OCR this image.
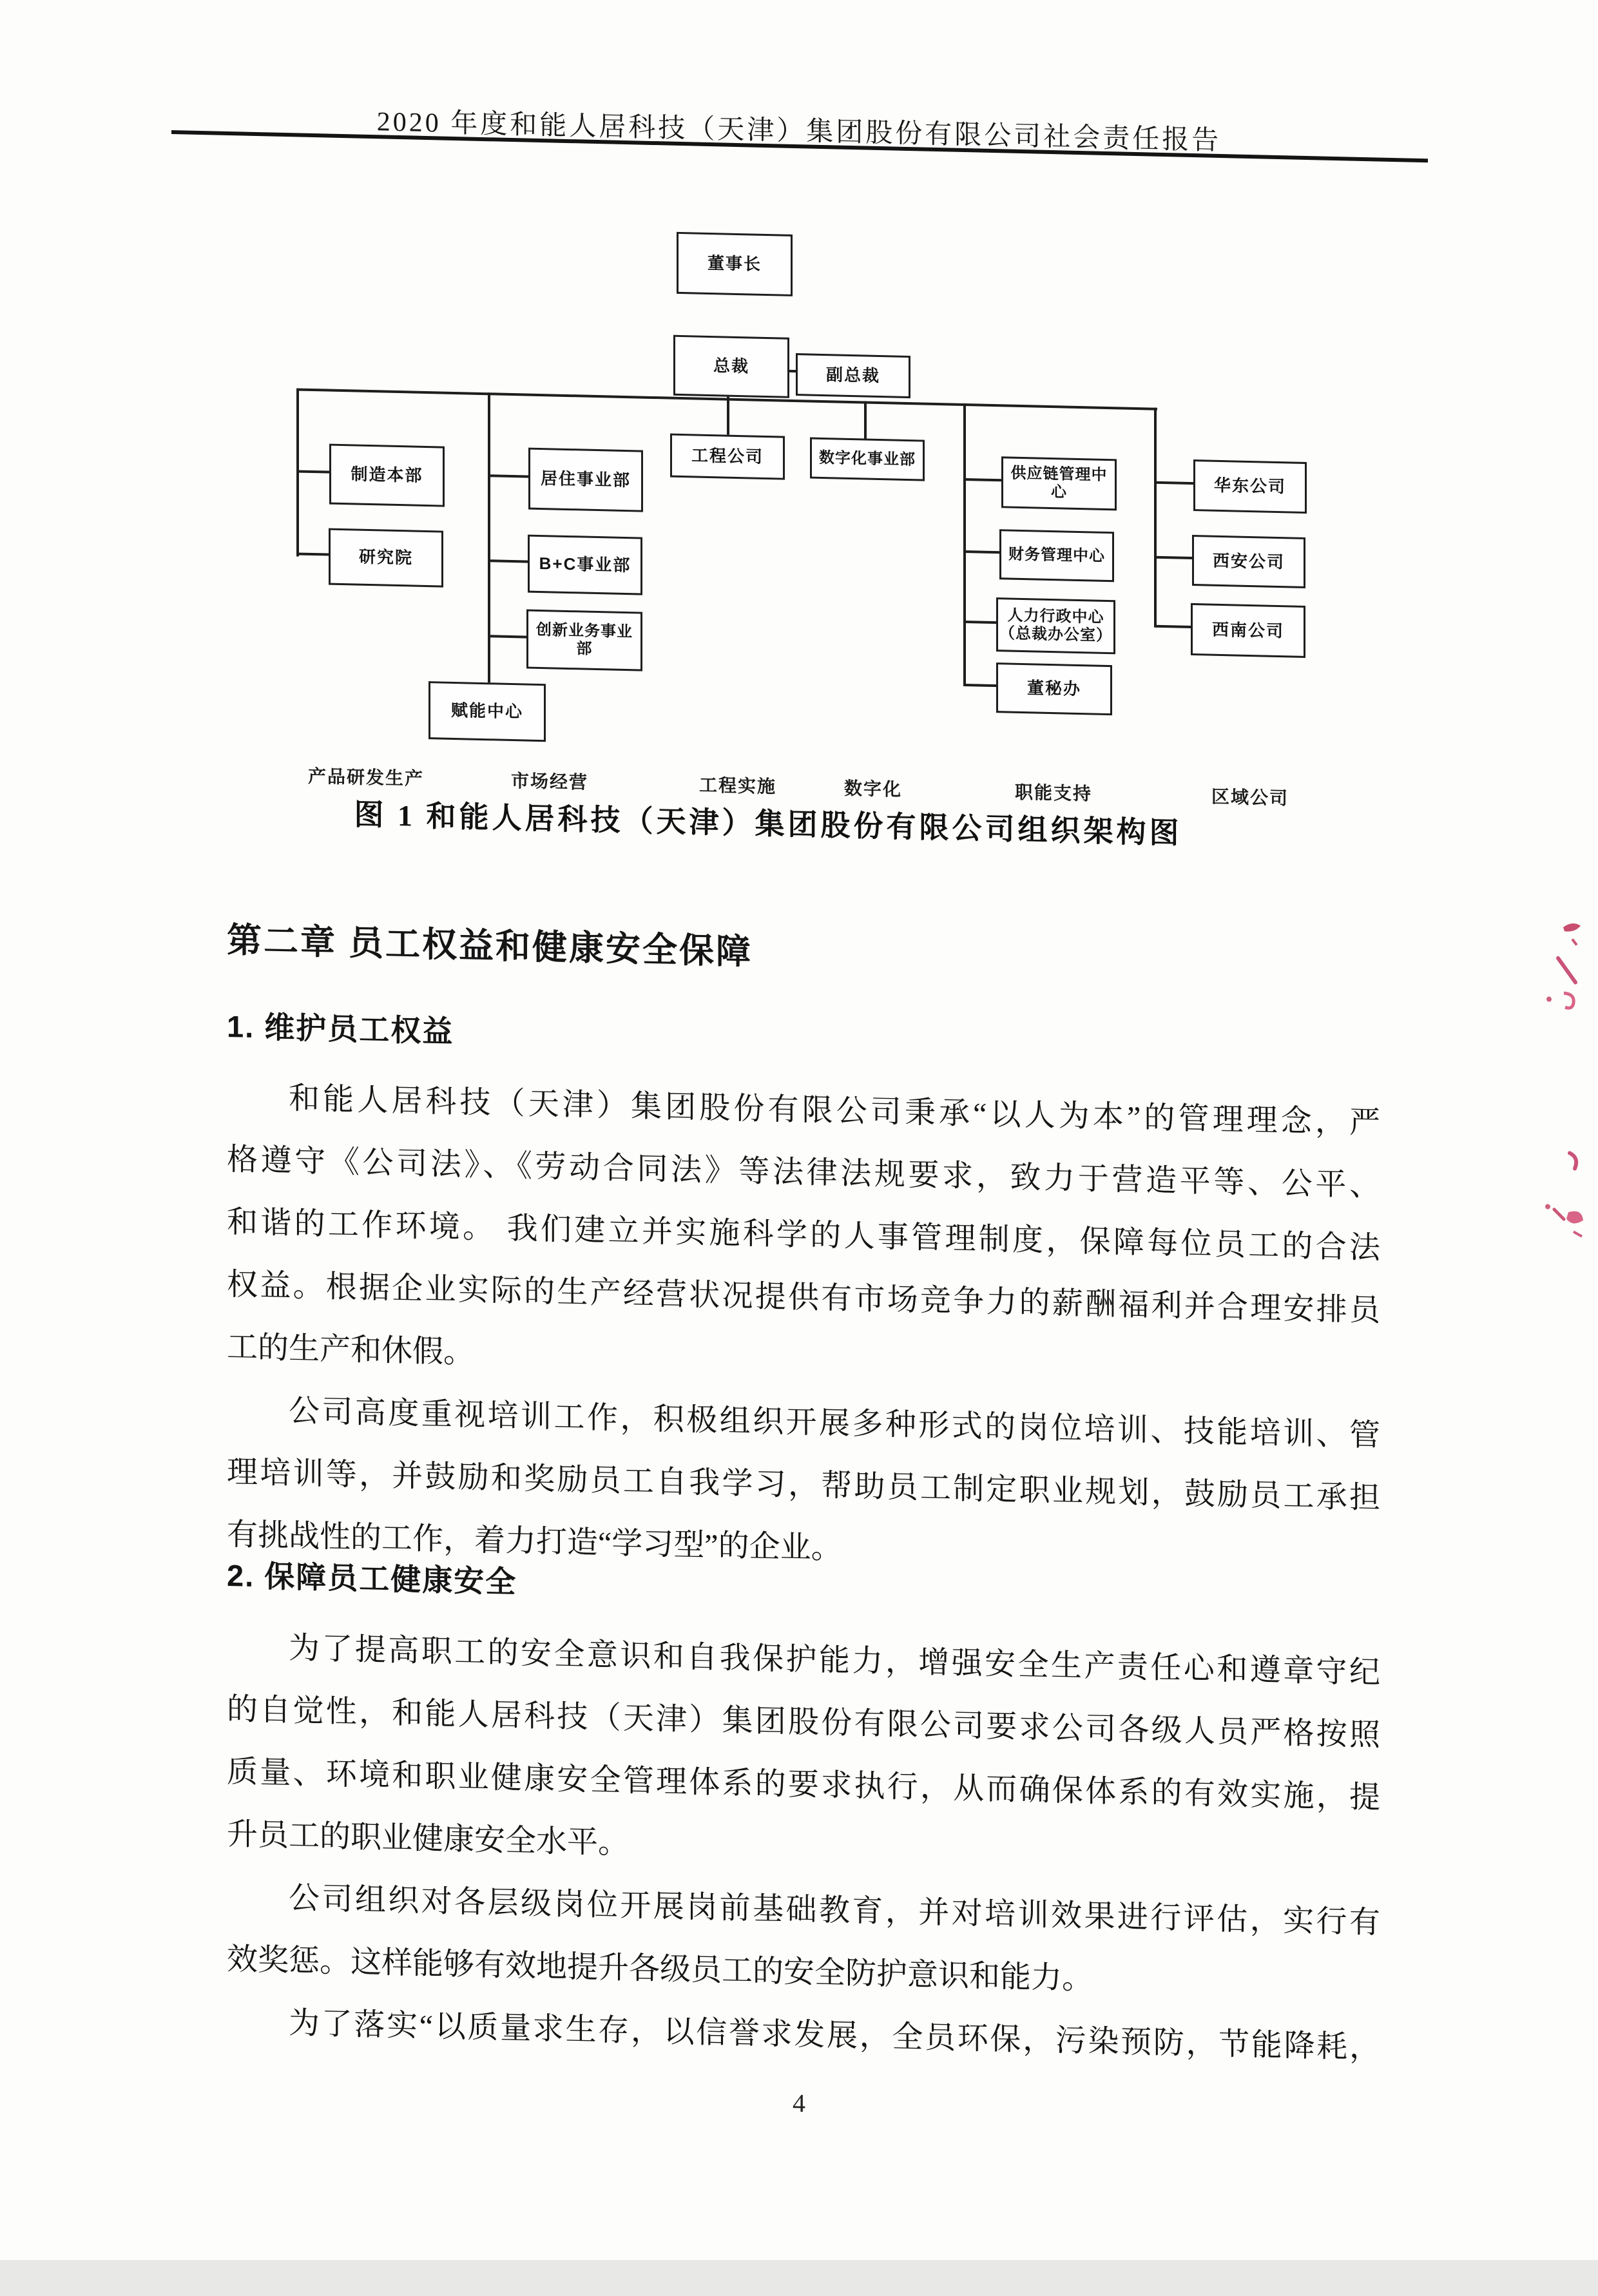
2020 年度和能人居科技（天津）集团股份有限公司社会责任报告
董事长
总裁	副总裁
制造本部
研究院
居住事业部
B+C事业部
创新业务事业部
赋能中心
工程公司	数字化事业部
供应链管理中心
财务管理中心
人力行政中心
（总裁办公室）
董秘办
华东公司
西安公司
西南公司
产品研发生产	市场经营	工程实施	数字化	职能支持	区域公司
图 1 和能人居科技（天津）集团股份有限公司组织架构图
第二章 员工权益和健康安全保障
1. 维护员工权益
和能人居科技（天津）集团股份有限公司秉承“以人为本”的管理理念，严
格遵守《公司法》、《劳动合同法》等法律法规要求，致力于营造平等、公平、
和谐的工作环境。 我们建立并实施科学的人事管理制度，保障每位员工的合法
权益。根据企业实际的生产经营状况提供有市场竞争力的薪酬福利并合理安排员
工的生产和休假。
公司高度重视培训工作，积极组织开展多种形式的岗位培训、技能培训、管
理培训等，并鼓励和奖励员工自我学习，帮助员工制定职业规划，鼓励员工承担
有挑战性的工作，着力打造“学习型”的企业。
2. 保障员工健康安全
为了提高职工的安全意识和自我保护能力，增强安全生产责任心和遵章守纪
的自觉性，和能人居科技（天津）集团股份有限公司要求公司各级人员严格按照
质量、环境和职业健康安全管理体系的要求执行，从而确保体系的有效实施，提
升员工的职业健康安全水平。
公司组织对各层级岗位开展岗前基础教育，并对培训效果进行评估，实行有
效奖惩。这样能够有效地提升各级员工的安全防护意识和能力。
为了落实“以质量求生存，以信誉求发展，全员环保，污染预防，节能降耗，
4
